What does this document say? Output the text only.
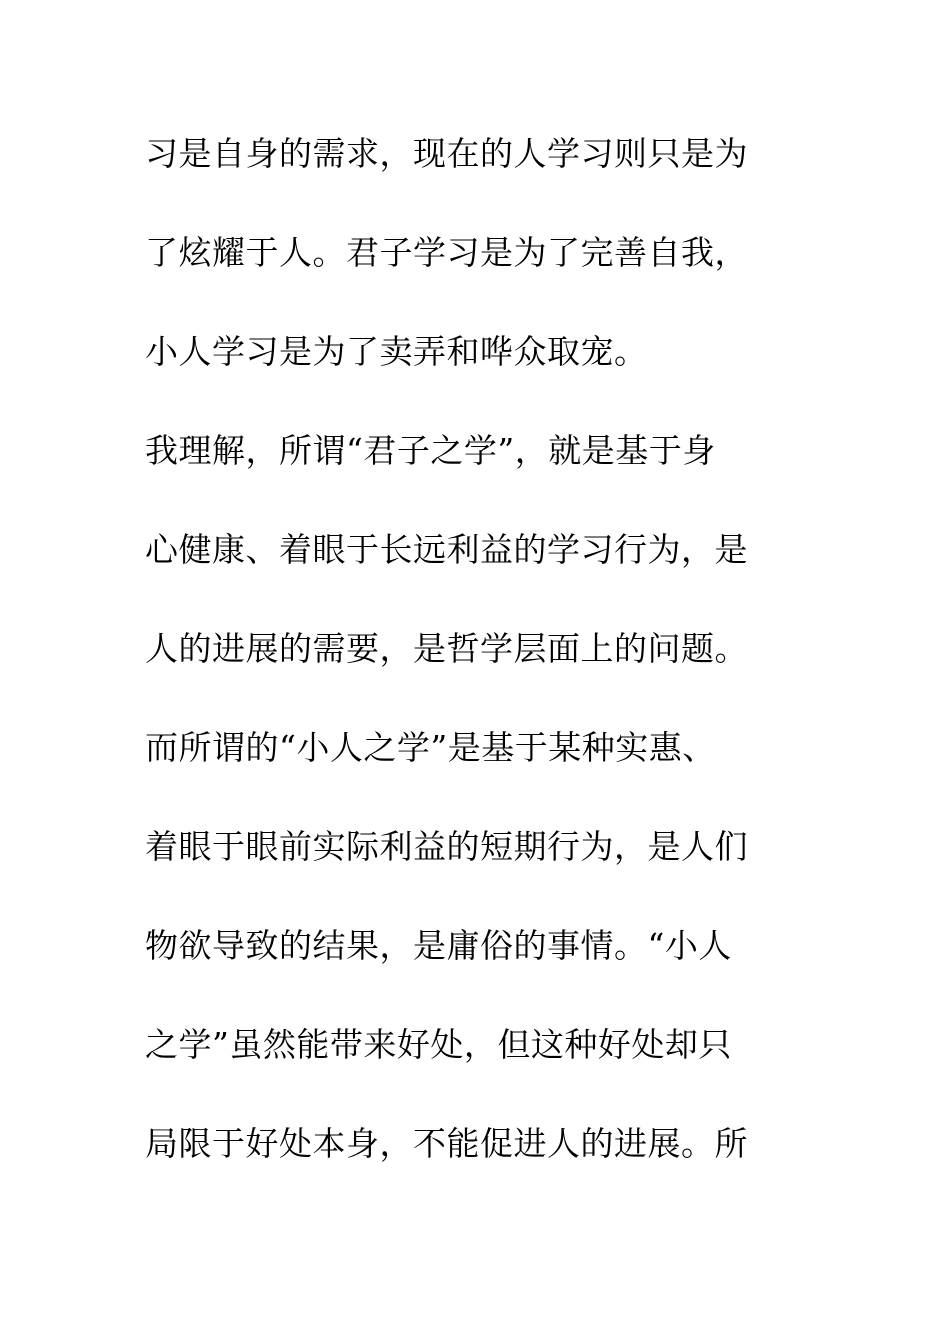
习是自身的需求，现在的人学习则只是为

了炫耀于人。君子学习是为了完善自我，

小人学习是为了卖弄和哗众取宠。

我理解，所谓“君子之学”，就是基于身

心健康、着眼于长远利益的学习行为，是

人的进展的需要，是哲学层面上的问题。

而所谓的“小人之学”是基于某种实惠、

着眼于眼前实际利益的短期行为，是人们

物欲导致的结果，是庸俗的事情。“小人

之学”虽然能带来好处，但这种好处却只

局限于好处本身，不能促进人的进展。所
